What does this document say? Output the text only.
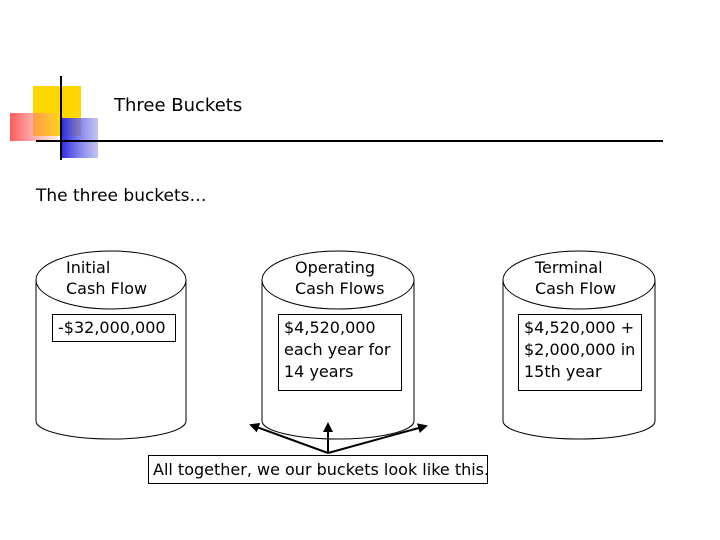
Three Buckets
The three buckets…
Initial
Cash Flow
Operating
Cash Flows
Terminal
Cash Flow
-$32,000,000	$4,520,000
each year for
14 years
$4,520,000 +
$2,000,000 in
15th year
All together, we our buckets look like this.
